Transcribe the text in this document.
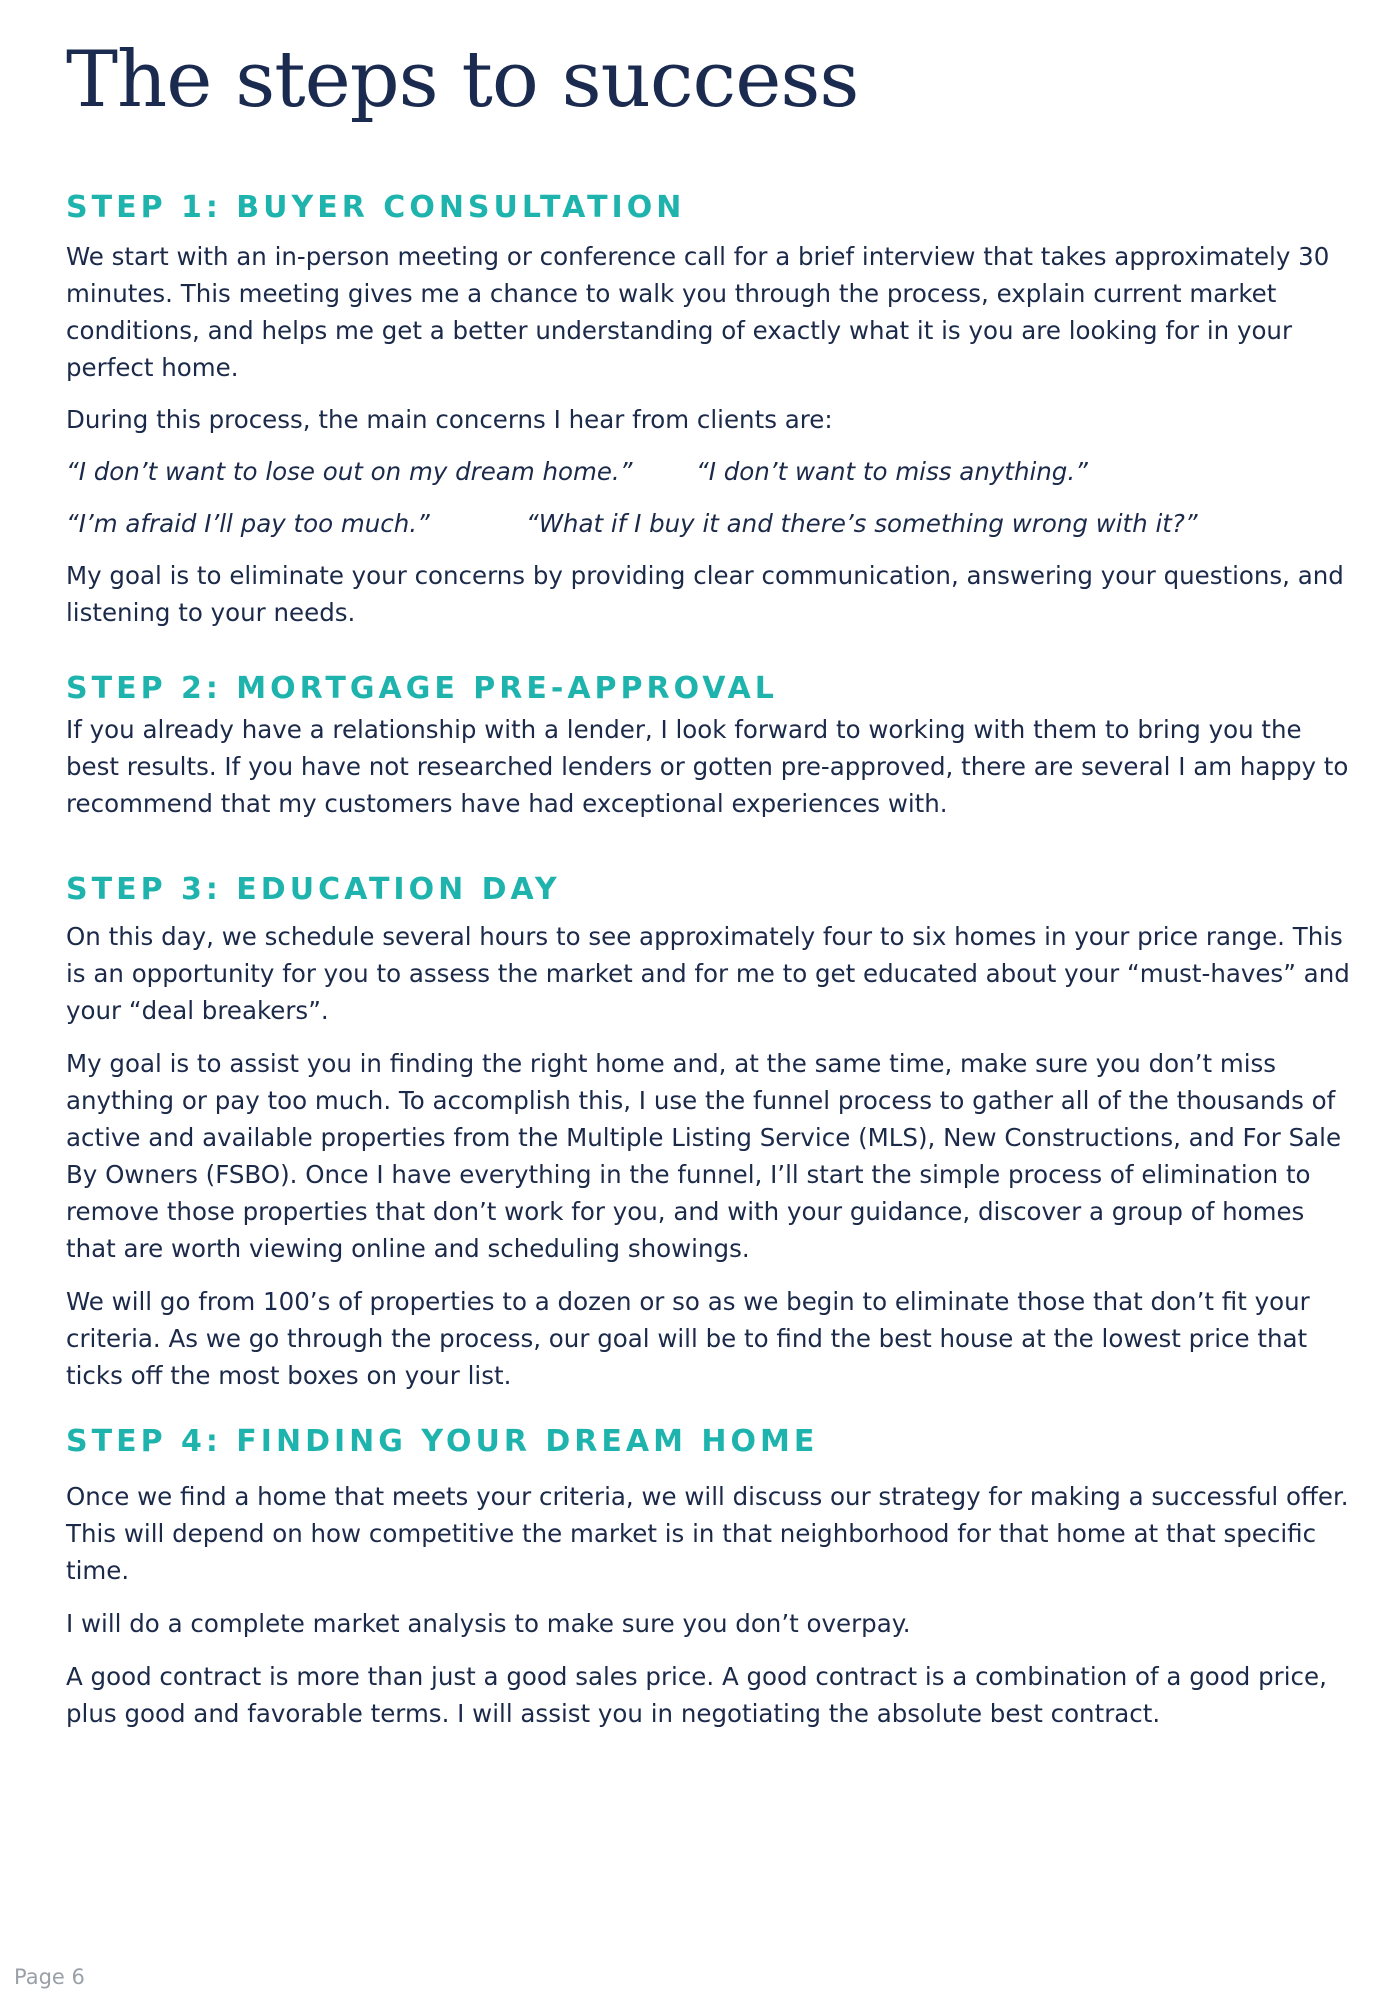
The steps to success
STEP 1: BUYER CONSULTATION

We start with an in-person meeting or conference call for a brief interview that takes approximately 30 minutes. This meeting gives me a chance to walk you through the process, explain current market conditions, and helps me get a better understanding of exactly what it is you are looking for in your perfect home.

During this process, the main concerns I hear from clients are:

“I don’t want to lose out on my dream home.”	“I don’t want to miss anything.”
“I’m afraid I’ll pay too much.”	“What if I buy it and there’s something wrong with it?”

My goal is to eliminate your concerns by providing clear communication, answering your questions, and listening to your needs.

STEP 2: MORTGAGE PRE-APPROVAL

If you already have a relationship with a lender, I look forward to working with them to bring you the best results. If you have not researched lenders or gotten pre-approved, there are several I am happy to recommend that my customers have had exceptional experiences with.

STEP 3: EDUCATION DAY

On this day, we schedule several hours to see approximately four to six homes in your price range. This is an opportunity for you to assess the market and for me to get educated about your “must-haves” and your “deal breakers”.

My goal is to assist you in finding the right home and, at the same time, make sure you don’t miss anything or pay too much. To accomplish this, I use the funnel process to gather all of the thousands of active and available properties from the Multiple Listing Service (MLS), New Constructions, and For Sale By Owners (FSBO). Once I have everything in the funnel, I’ll start the simple process of elimination to remove those properties that don’t work for you, and with your guidance, discover a group of homes that are worth viewing online and scheduling showings.

We will go from 100’s of properties to a dozen or so as we begin to eliminate those that don’t fit your criteria. As we go through the process, our goal will be to find the best house at the lowest price that ticks off the most boxes on your list.

STEP 4: FINDING YOUR DREAM HOME

Once we find a home that meets your criteria, we will discuss our strategy for making a successful offer. This will depend on how competitive the market is in that neighborhood for that home at that specific time.

I will do a complete market analysis to make sure you don’t overpay.

A good contract is more than just a good sales price. A good contract is a combination of a good price, plus good and favorable terms. I will assist you in negotiating the absolute best contract.

Page 6
